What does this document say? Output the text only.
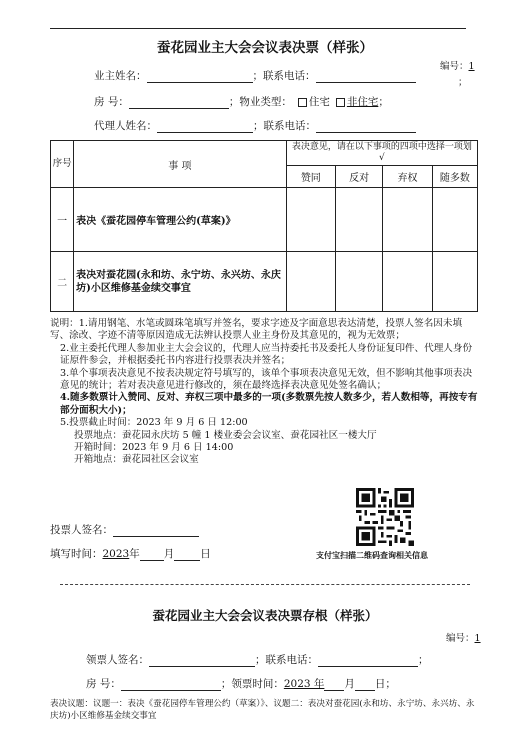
蚕花园业主大会会议表决票（样张）
编号：1
；
业主姓名：	；联系电话：
房 号：	；物业类型： 住宅 非住宅；
代理人姓名：	；联系电话：
序号	事 项	表决意见，请在以下事项的四项中选择一项划 √			
		赞同	反对	弃权	随多数
一	表决《蚕花园停车管理公约(草案)》				
二	表决对蚕花园(永和坊、永宁坊、永兴坊、永庆坊)小区维修基金续交事宜				

说明：1.请用钢笔、水笔或圆珠笔填写并签名，要求字迹及字面意思表达清楚，投票人签名因未填写、涂改、字迹不清等原因造成无法辨认投票人业主身份及其意见的，视为无效票；

2.业主委托代理人参加业主大会会议的，代理人应当持委托书及委托人身份证复印件、代理人身份证原件参会，并根据委托书内容进行投票表决并签名；

3.单个事项表决意见不按表决规定符号填写的，该单个事项表决意见无效，但不影响其他事项表决意见的统计；若对表决意见进行修改的，须在最终选择表决意见处签名确认；

4.随多数票计入赞同、反对、弃权三项中最多的一项(多数票先按人数多少，若人数相等，再按专有部分面积大小)；

5.投票截止时间：2023 年 9 月 6 日 12:00

投票地点：蚕花园永庆坊 5 幢 1 楼业委会会议室、蚕花园社区一楼大厅

开箱时间：2023 年 9 月 6 日 14:00

开箱地点：蚕花园社区会议室

投票人签名：
填写时间：2023年 月 日	支付宝扫描二维码查询相关信息
蚕花园业主大会会议表决票存根（样张）
编号：1
领票人签名：	；联系电话：	；
房 号：	；领票时间：2023 年 月 日；
表决议题：议题一：表决《蚕花园停车管理公约（草案）》、议题二：表决对蚕花园(永和坊、永宁坊、永兴坊、永庆坊)小区维修基金续交事宜
